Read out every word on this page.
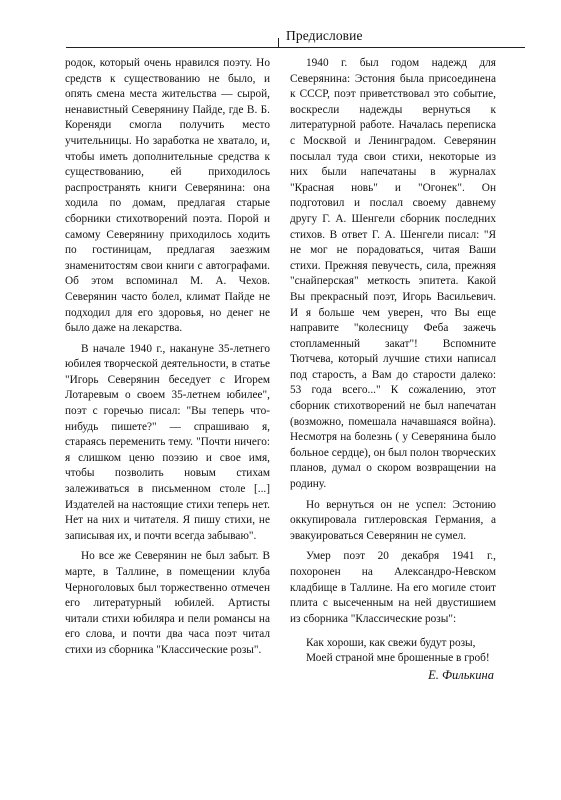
Предисловие

родок, который очень нравился поэту. Но средств к существованию не было, и опять смена места жительства — сырой, ненавистный Северянину Пайде, где В. Б. Кореняди смогла получить место учительницы. Но заработка не хватало, и, чтобы иметь дополнительные средства к существованию, ей приходилось распространять книги Северянина: она ходила по домам, предлагая старые сборники стихотворений поэта. Порой и самому Северянину приходилось ходить по гостиницам, предлагая заезжим знаменитостям свои книги с автографами. Об этом вспоминал М. А. Чехов. Северянин часто болел, климат Пайде не подходил для его здоровья, но денег не было даже на лекарства.

В начале 1940 г., накануне 35-летнего юбилея творческой деятельности, в статье "Игорь Северянин беседует с Игорем Лотаревым о своем 35-летнем юбилее", поэт с горечью писал: "Вы теперь что-нибудь пишете?" — спрашиваю я, стараясь переменить тему. "Почти ничего: я слишком ценю поэзию и свое имя, чтобы позволить новым стихам залеживаться в письменном столе [...] Издателей на настоящие стихи теперь нет. Нет на них и читателя. Я пишу стихи, не записывая их, и почти всегда забываю".

Но все же Северянин не был забыт. В марте, в Таллине, в помещении клуба Черноголовых был торжественно отмечен его литературный юбилей. Артисты читали стихи юбиляра и пели романсы на его слова, и почти два часа поэт читал стихи из сборника "Классические розы".

1940 г. был годом надежд для Северянина: Эстония была присоединена к СССР, поэт приветствовал это событие, воскресли надежды вернуться к литературной работе. Началась переписка с Москвой и Ленинградом. Северянин посылал туда свои стихи, некоторые из них были напечатаны в журналах "Красная новь" и "Огонек". Он подготовил и послал своему давнему другу Г. А. Шенгели сборник последних стихов. В ответ Г. А. Шенгели писал: "Я не мог не порадоваться, читая Ваши стихи. Прежняя певучесть, сила, прежняя "снайперская" меткость эпитета. Какой Вы прекрасный поэт, Игорь Васильевич. И я больше чем уверен, что Вы еще направите "колесницу Феба зажечь стопламенный закат"! Вспомните Тютчева, который лучшие стихи написал под старость, а Вам до старости далеко: 53 года всего..." К сожалению, этот сборник стихотворений не был напечатан (возможно, помешала начавшаяся война). Несмотря на болезнь ( у Северянина было больное сердце), он был полон творческих планов, думал о скором возвращении на родину.

Но вернуться он не успел: Эстонию оккупировала гитлеровская Германия, а эвакуироваться Северянин не сумел.

Умер поэт 20 декабря 1941 г., похоронен на Александро-Невском кладбище в Таллине. На его могиле стоит плита с высеченным на ней двустишием из сборника "Классические розы":

Как хороши, как свежи будут розы,
Моей страной мне брошенные в гроб!
Е. Филькина
